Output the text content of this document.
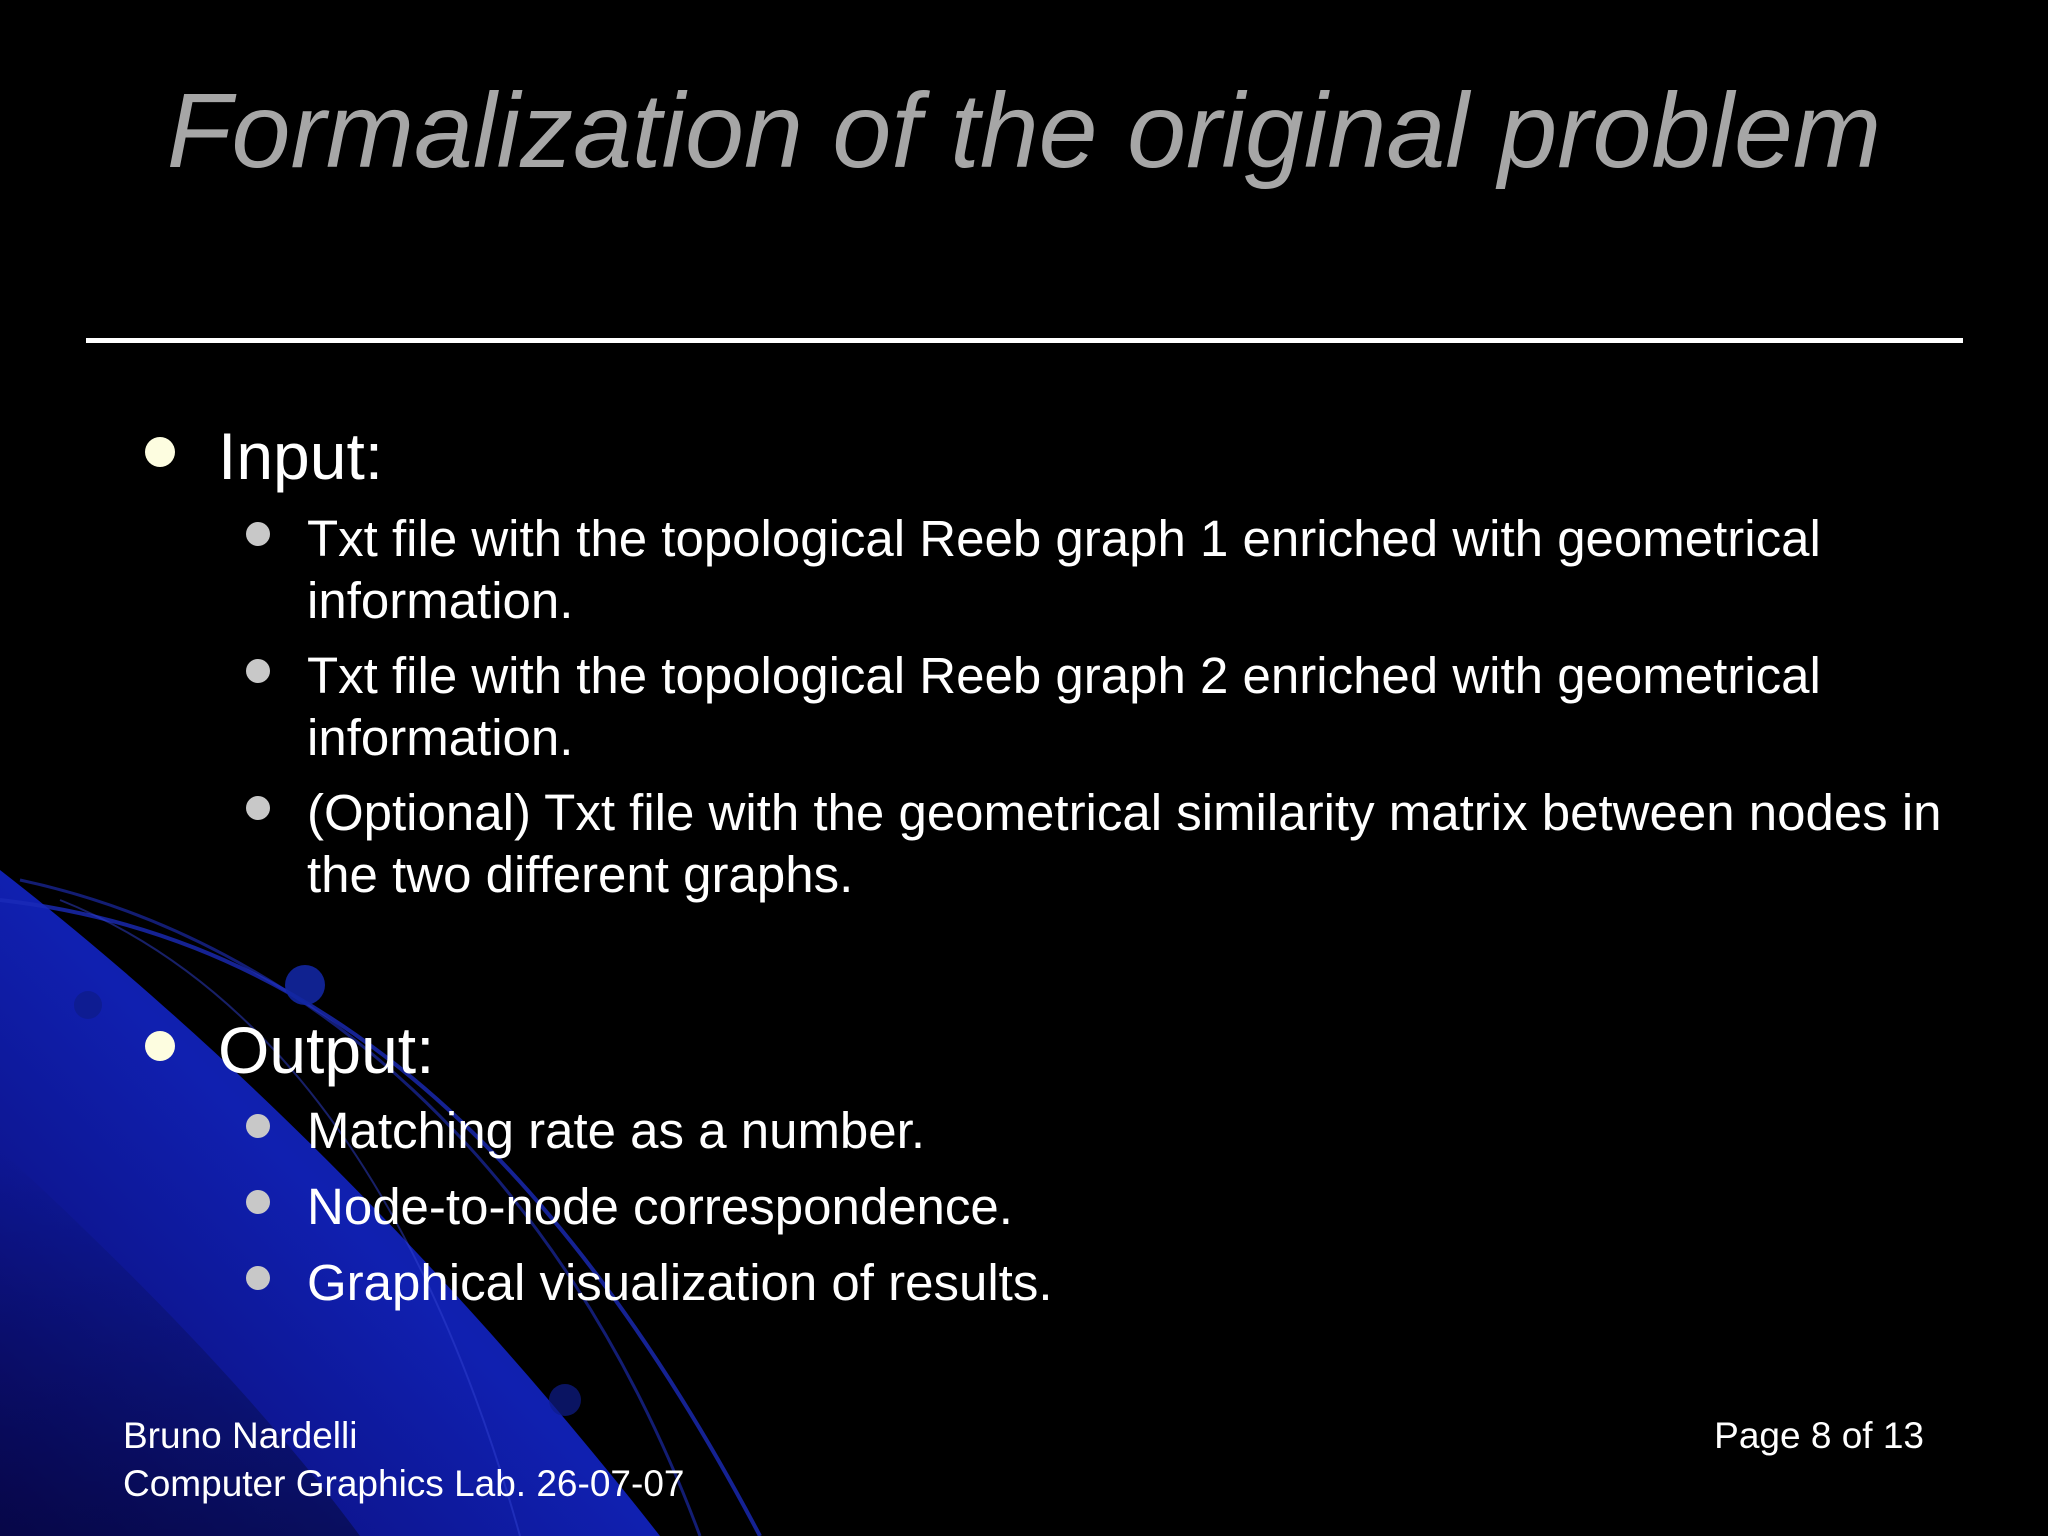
Formalization of the original problem
Input:
Txt file with the topological Reeb graph 1 enriched with geometrical information.
Txt file with the topological Reeb graph 2 enriched with geometrical information.
(Optional) Txt file with the geometrical similarity matrix between nodes in the two different graphs.
Output:
Matching rate as a number.
Node-to-node correspondence.
Graphical visualization of results.
Bruno Nardelli
Computer Graphics Lab. 26-07-07
Page 8 of 13
